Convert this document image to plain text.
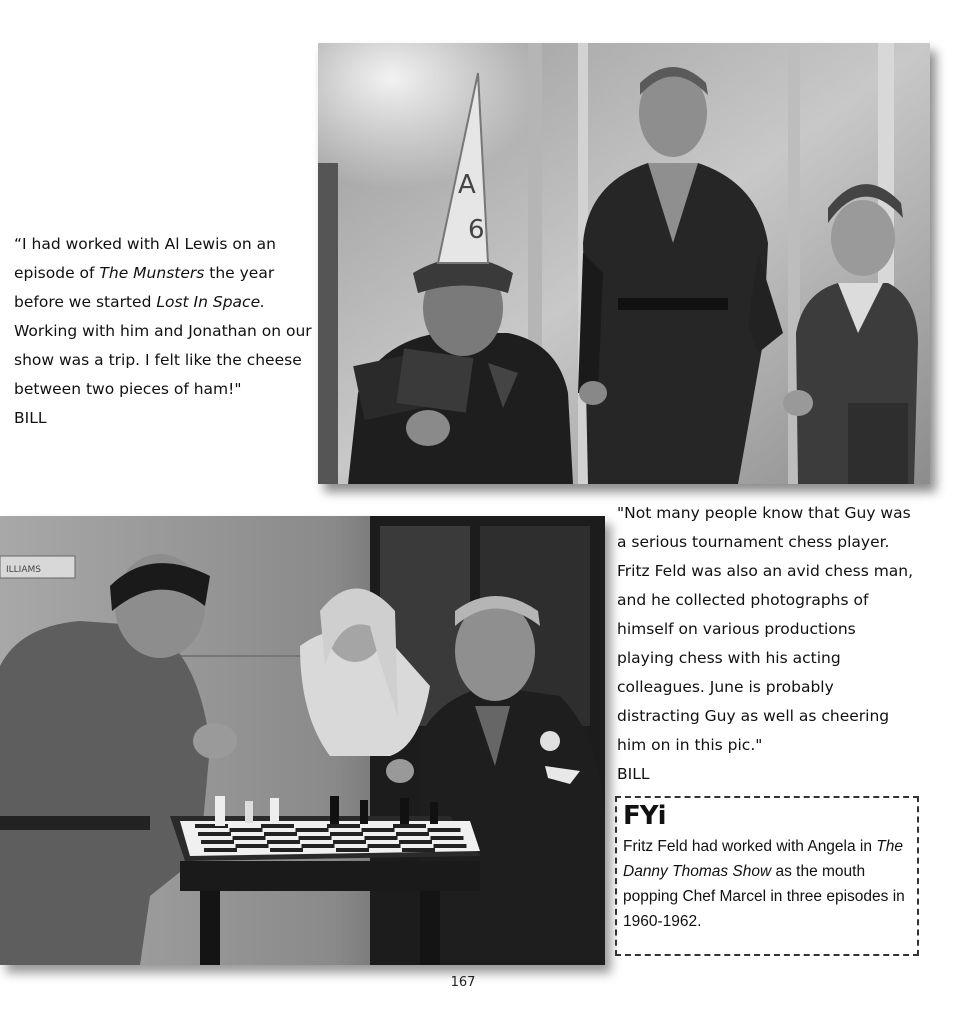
A
6

“I had worked with Al Lewis on an episode of The Munsters the year before we started Lost In Space. Working with him and Jonathan on our show was a trip. I felt like the cheese between two pieces of ham!"
BILL

ILLIAMS

"Not many people know that Guy was a serious tournament chess player. Fritz Feld was also an avid chess man, and he collected photographs of himself on various productions playing chess with his acting colleagues. June is probably distracting Guy as well as cheering him on in this pic."
BILL

FYi

Fritz Feld had worked with Angela in The Danny Thomas Show as the mouth popping Chef Marcel in three episodes in 1960-1962.

167
